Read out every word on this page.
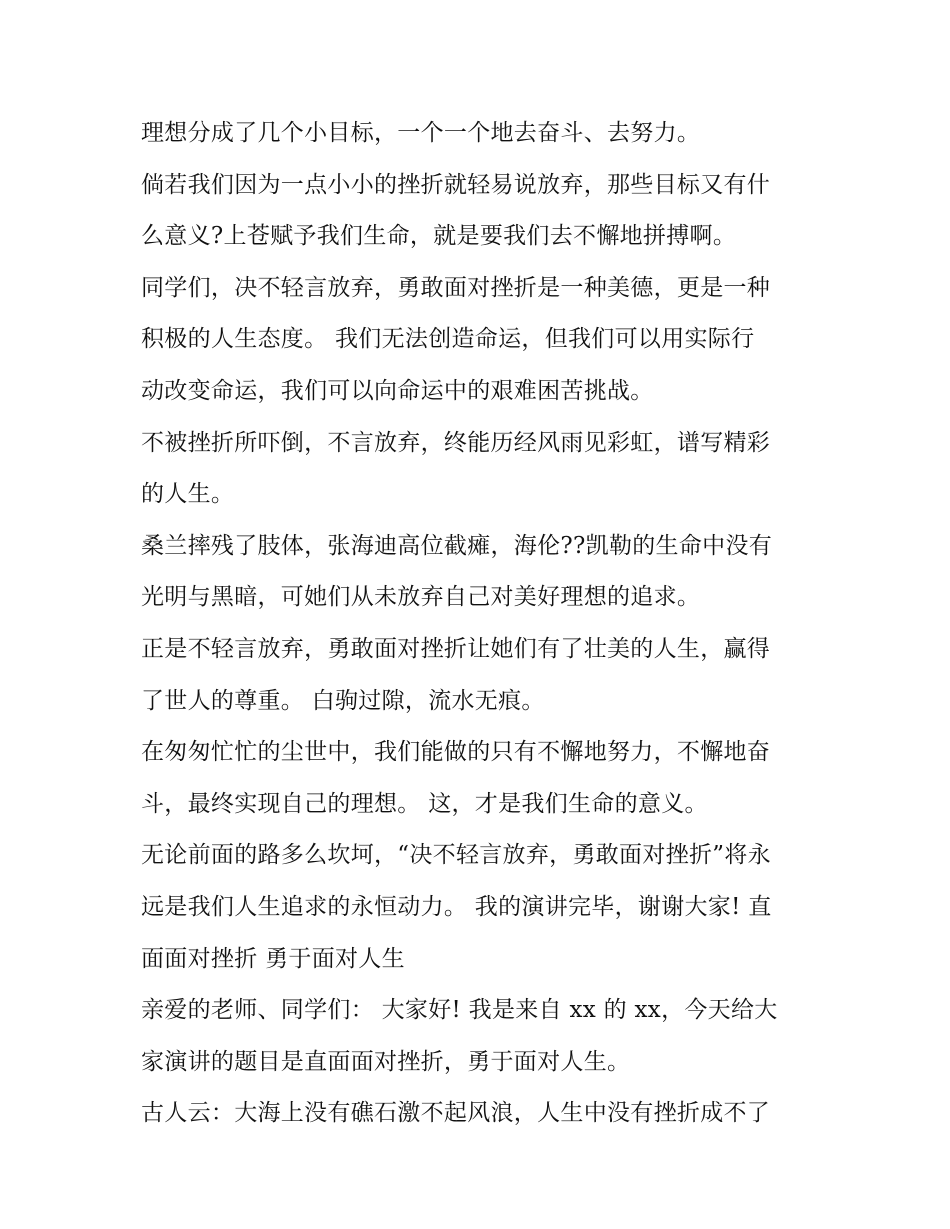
理想分成了几个小目标，一个一个地去奋斗、去努力。
倘若我们因为一点小小的挫折就轻易说放弃，那些目标又有什
么意义?上苍赋予我们生命，就是要我们去不懈地拼搏啊。
同学们，决不轻言放弃，勇敢面对挫折是一种美德，更是一种
积极的人生态度。 我们无法创造命运，但我们可以用实际行
动改变命运，我们可以向命运中的艰难困苦挑战。
不被挫折所吓倒，不言放弃，终能历经风雨见彩虹，谱写精彩
的人生。
桑兰摔残了肢体，张海迪高位截瘫，海伦??凯勒的生命中没有
光明与黑暗，可她们从未放弃自己对美好理想的追求。
正是不轻言放弃，勇敢面对挫折让她们有了壮美的人生，赢得
了世人的尊重。 白驹过隙，流水无痕。
在匆匆忙忙的尘世中，我们能做的只有不懈地努力，不懈地奋
斗，最终实现自己的理想。 这，才是我们生命的意义。
无论前面的路多么坎坷，“决不轻言放弃，勇敢面对挫折”将永
远是我们人生追求的永恒动力。 我的演讲完毕，谢谢大家! 直
面面对挫折 勇于面对人生
亲爱的老师、同学们： 大家好! 我是来自 xx 的 xx，今天给大
家演讲的题目是直面面对挫折，勇于面对人生。
古人云：大海上没有礁石激不起风浪，人生中没有挫折成不了
